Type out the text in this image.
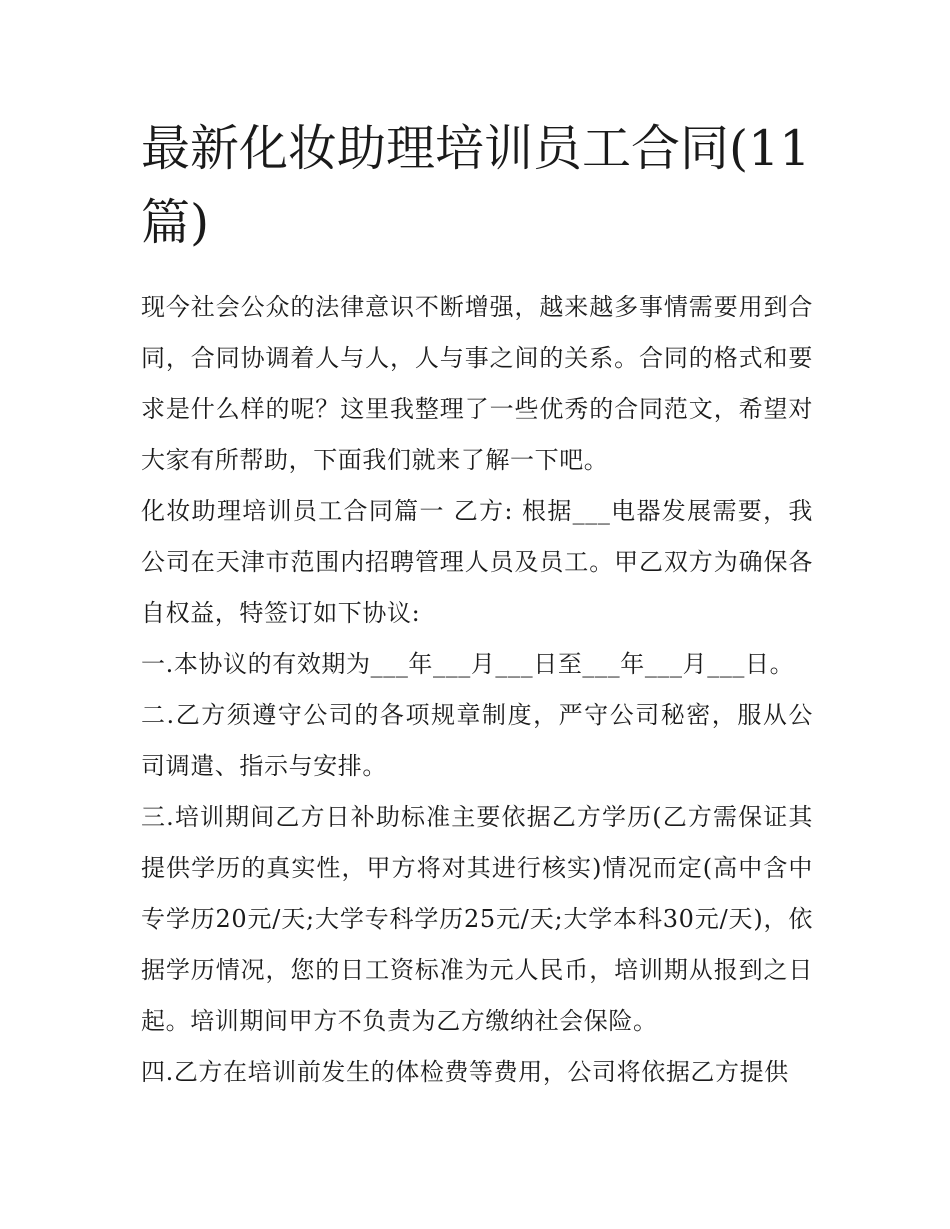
最新化妆助理培训员工合同(11篇)

现今社会公众的法律意识不断增强，越来越多事情需要用到合同，合同协调着人与人，人与事之间的关系。合同的格式和要求是什么样的呢？这里我整理了一些优秀的合同范文，希望对大家有所帮助，下面我们就来了解一下吧。

化妆助理培训员工合同篇一 乙方: 根据___电器发展需要，我公司在天津市范围内招聘管理人员及员工。甲乙双方为确保各自权益，特签订如下协议:

一.本协议的有效期为___年___月___日至___年___月___日。

二.乙方须遵守公司的各项规章制度，严守公司秘密，服从公司调遣、指示与安排。

三.培训期间乙方日补助标准主要依据乙方学历(乙方需保证其提供学历的真实性，甲方将对其进行核实)情况而定(高中含中专学历20元/天;大学专科学历25元/天;大学本科30元/天)，依据学历情况，您的日工资标准为元人民币，培训期从报到之日起。培训期间甲方不负责为乙方缴纳社会保险。

四.乙方在培训前发生的体检费等费用，公司将依据乙方提供
